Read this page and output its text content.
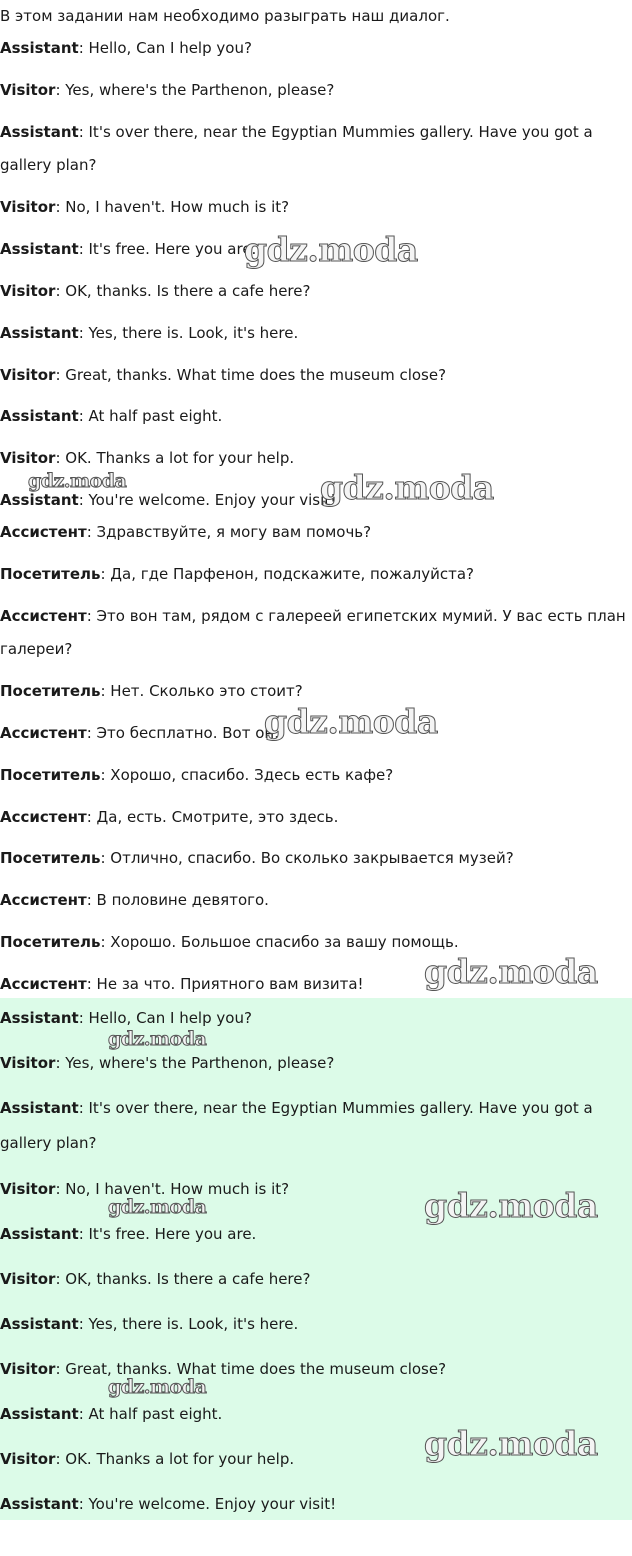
В этом задании нам необходимо разыграть наш диалог.
Assistant: Hello, Can I help you?
Visitor: Yes, where's the Parthenon, please?
Assistant: It's over there, near the Egyptian Mummies gallery. Have you got a
gallery plan?
Visitor: No, I haven't. How much is it?
Assistant: It's free. Here you are.
Visitor: OK, thanks. Is there a cafe here?
Assistant: Yes, there is. Look, it's here.
Visitor: Great, thanks. What time does the museum close?
Assistant: At half past eight.
Visitor: OK. Thanks a lot for your help.
Assistant: You're welcome. Enjoy your visit!
Ассистент: Здравствуйте, я могу вам помочь?
Посетитель: Да, где Парфенон, подскажите, пожалуйста?
Ассистент: Это вон там, рядом с галереей египетских мумий. У вас есть план
галереи?
Посетитель: Нет. Сколько это стоит?
Ассистент: Это бесплатно. Вот он.
Посетитель: Хорошо, спасибо. Здесь есть кафе?
Ассистент: Да, есть. Смотрите, это здесь.
Посетитель: Отлично, спасибо. Во сколько закрывается музей?
Ассистент: В половине девятого.
Посетитель: Хорошо. Большое спасибо за вашу помощь.
Ассистент: Не за что. Приятного вам визита!
Assistant: Hello, Can I help you?
Visitor: Yes, where's the Parthenon, please?
Assistant: It's over there, near the Egyptian Mummies gallery. Have you got a
gallery plan?
Visitor: No, I haven't. How much is it?
Assistant: It's free. Here you are.
Visitor: OK, thanks. Is there a cafe here?
Assistant: Yes, there is. Look, it's here.
Visitor: Great, thanks. What time does the museum close?
Assistant: At half past eight.
Visitor: OK. Thanks a lot for your help.
Assistant: You're welcome. Enjoy your visit!
gdz.moda
gdz.moda	gdz.moda
gdz.moda
gdz.moda
gdz.moda
gdz.moda	gdz.moda
gdz.moda
gdz.moda
